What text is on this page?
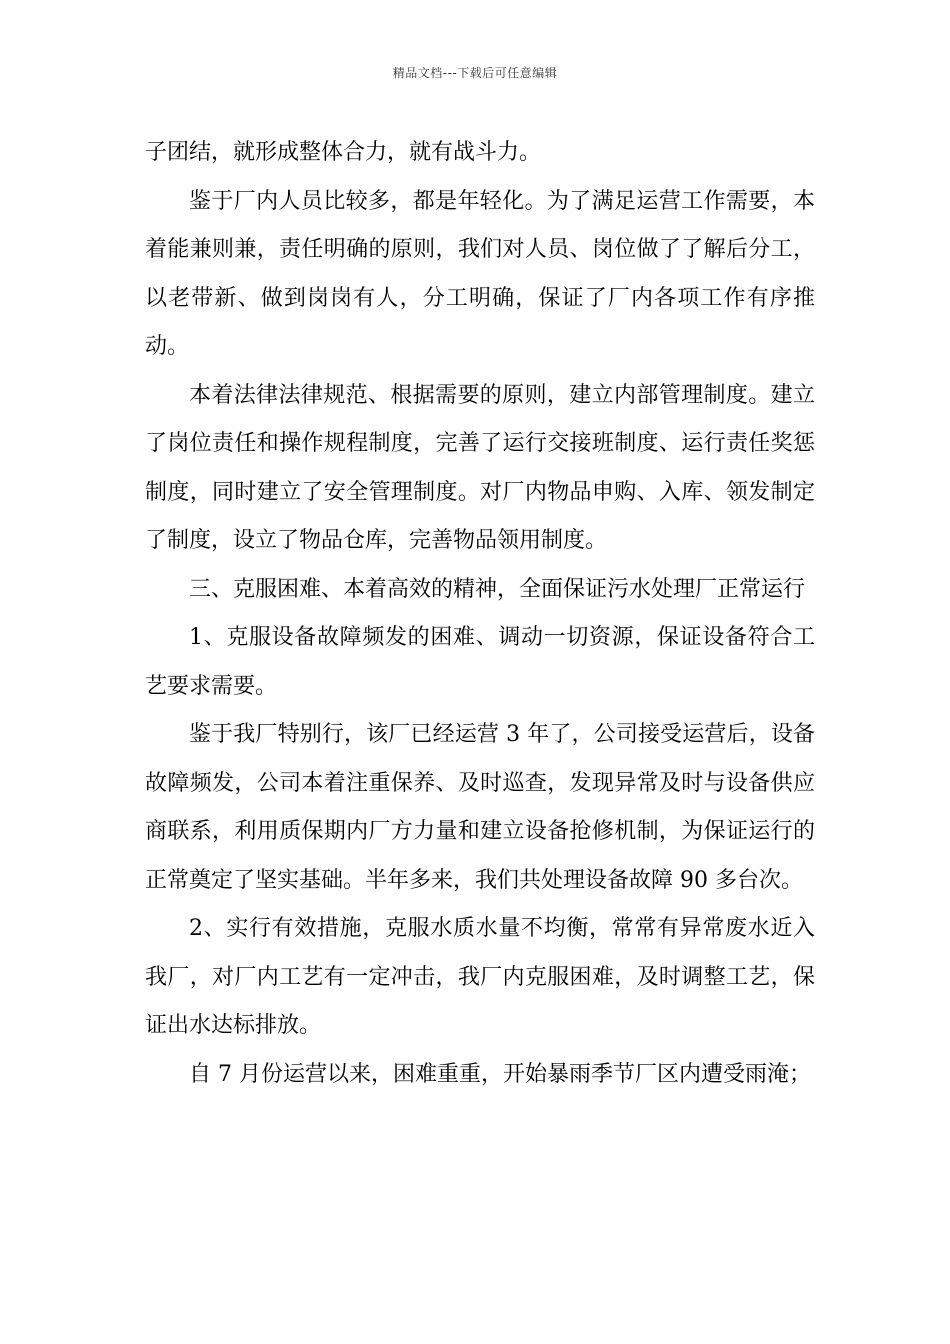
精品文档---下载后可任意编辑

子团结，就形成整体合力，就有战斗力。

鉴于厂内人员比较多，都是年轻化。为了满足运营工作需要，本着能兼则兼，责任明确的原则，我们对人员、岗位做了了解后分工，以老带新、做到岗岗有人，分工明确，保证了厂内各项工作有序推动。

本着法律法律规范、根据需要的原则，建立内部管理制度。建立了岗位责任和操作规程制度，完善了运行交接班制度、运行责任奖惩制度，同时建立了安全管理制度。对厂内物品申购、入库、领发制定了制度，设立了物品仓库，完善物品领用制度。

三、克服困难、本着高效的精神，全面保证污水处理厂正常运行

1、克服设备故障频发的困难、调动一切资源，保证设备符合工艺要求需要。

鉴于我厂特别行，该厂已经运营 3 年了，公司接受运营后，设备故障频发，公司本着注重保养、及时巡查，发现异常及时与设备供应商联系，利用质保期内厂方力量和建立设备抢修机制，为保证运行的正常奠定了坚实基础。半年多来，我们共处理设备故障 90 多台次。

2、实行有效措施，克服水质水量不均衡，常常有异常废水近入我厂，对厂内工艺有一定冲击，我厂内克服困难，及时调整工艺，保证出水达标排放。

自 7 月份运营以来，困难重重，开始暴雨季节厂区内遭受雨淹；
